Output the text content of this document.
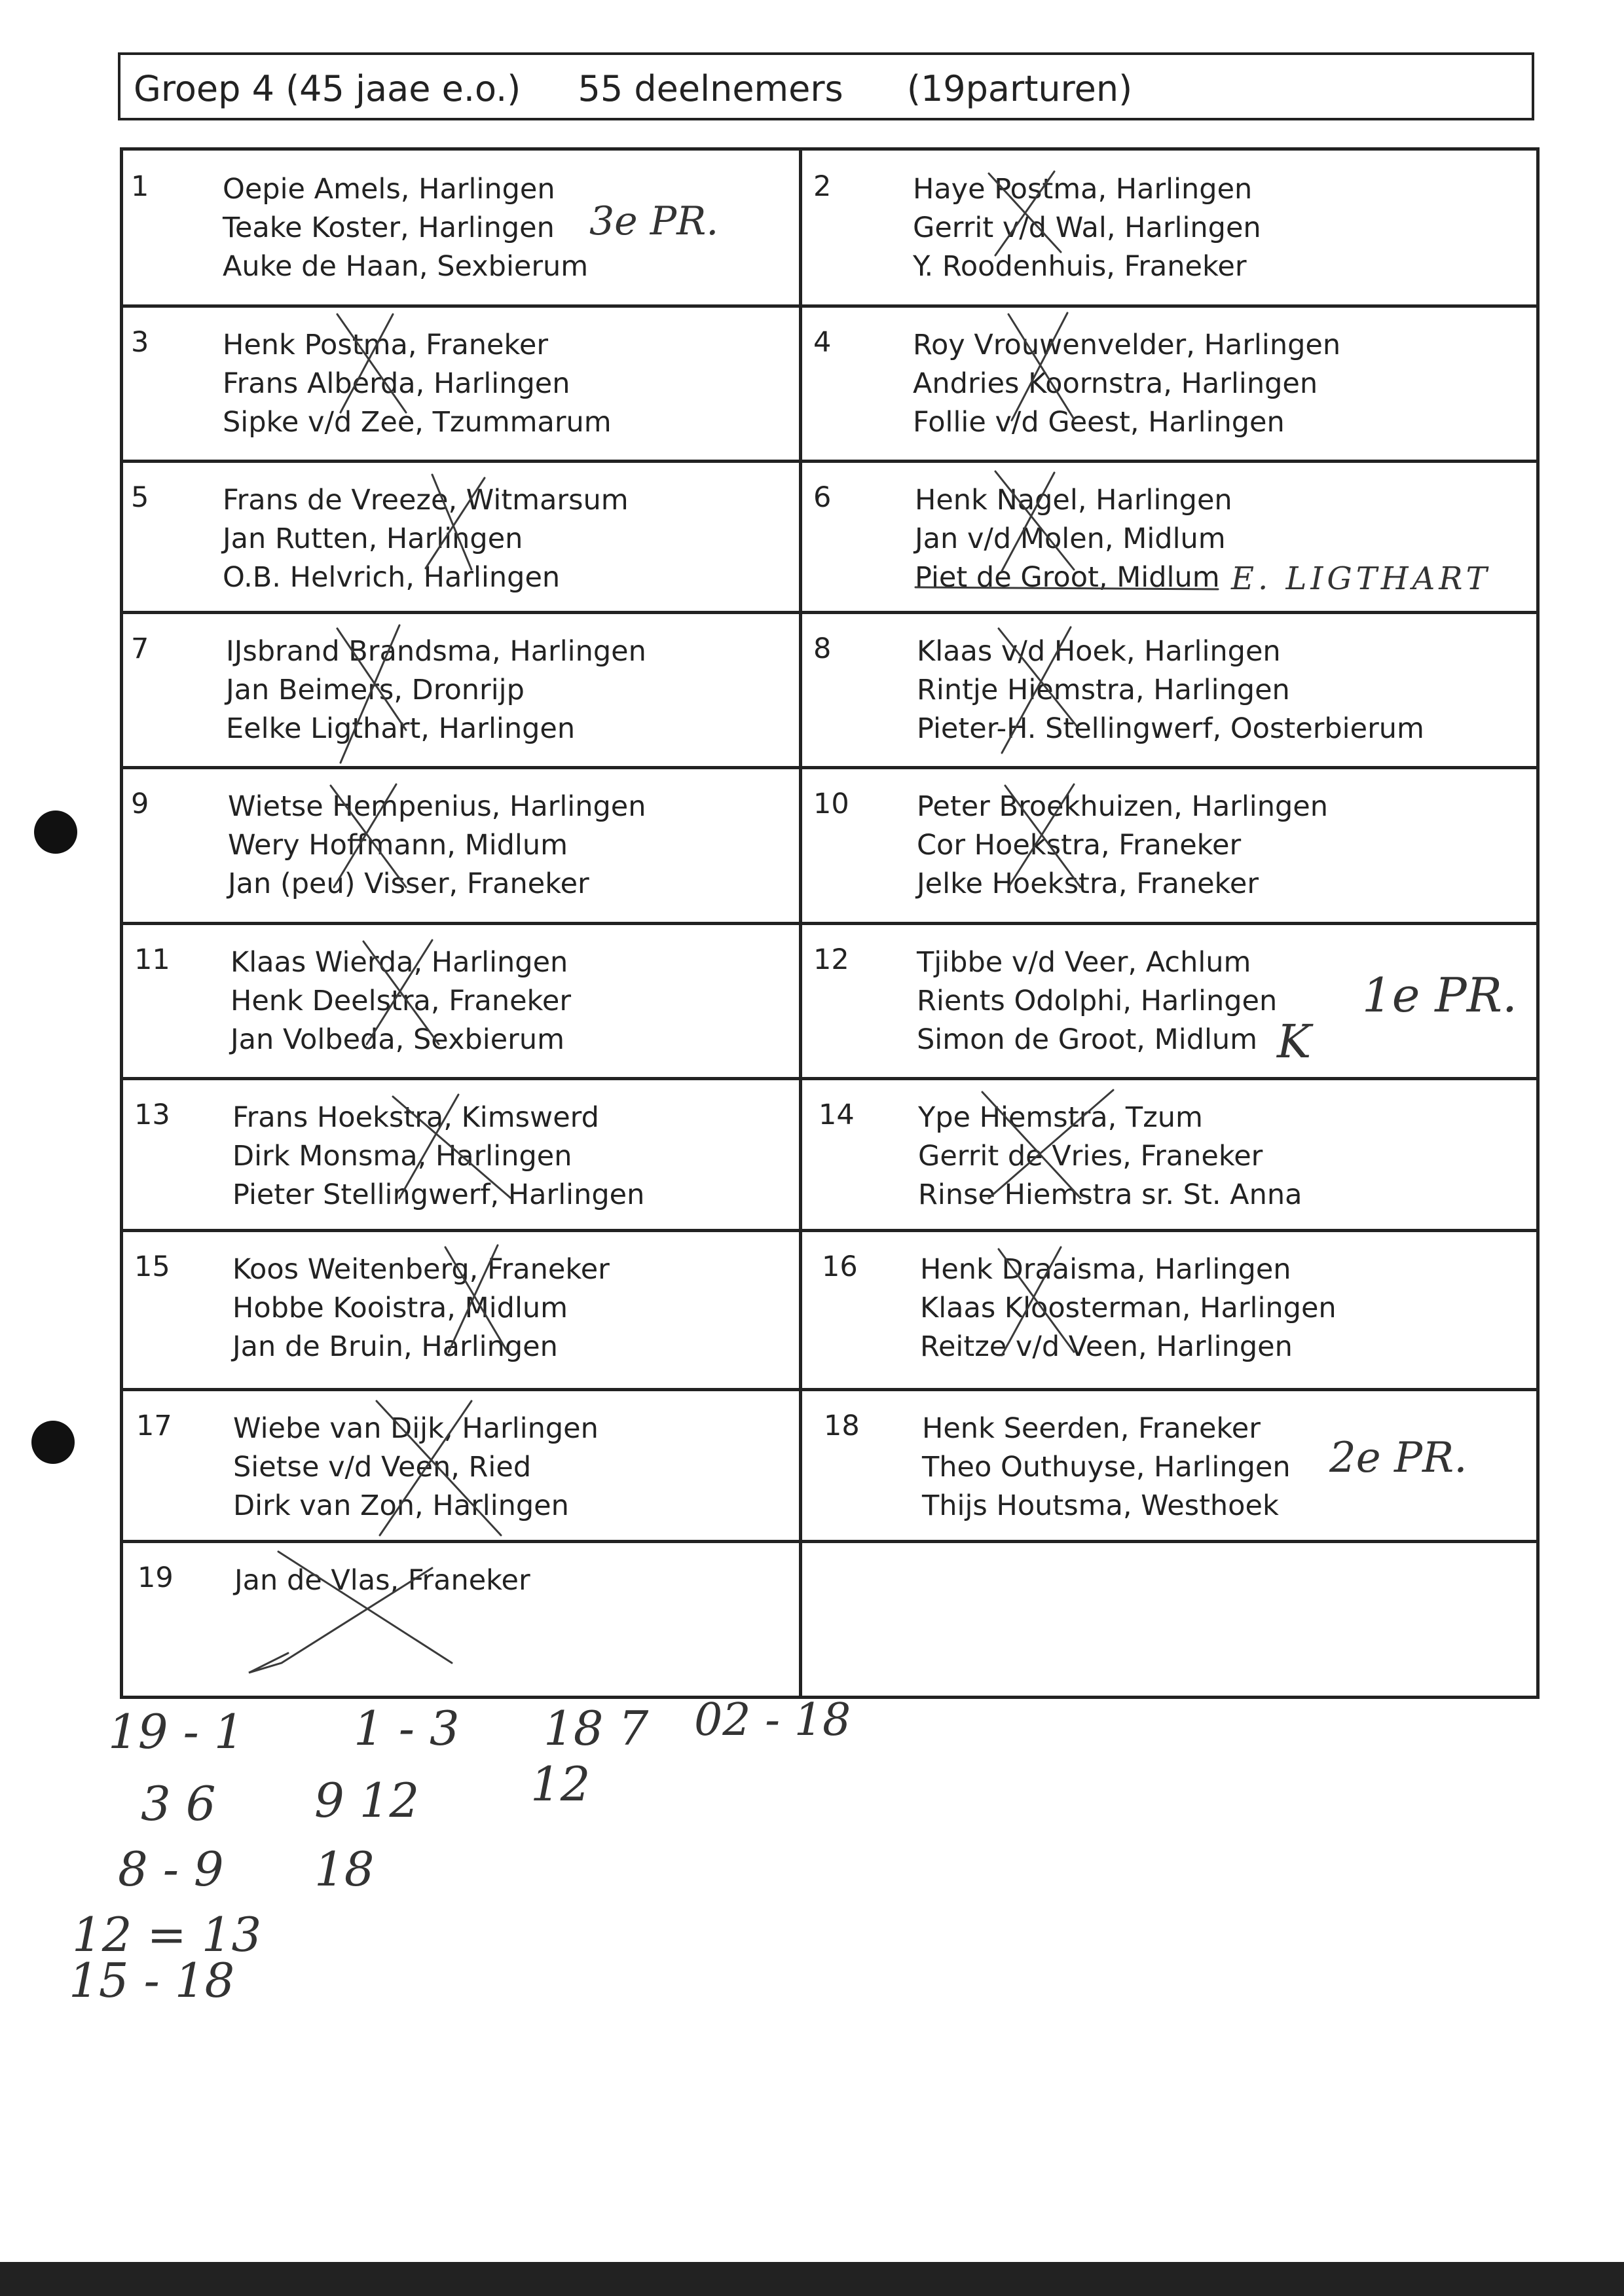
Groep 4 (45 jaae e.o.) 55 deelnemers (19parturen)
1	Oepie Amels, Harlingen
Teake Koster, Harlingen
Auke de Haan, Sexbierum
2	Haye Postma, Harlingen
Gerrit v/d Wal, Harlingen
Y. Roodenhuis, Franeker
3	Henk Postma, Franeker
Frans Alberda, Harlingen
Sipke v/d Zee, Tzummarum
4	Roy Vrouwenvelder, Harlingen
Andries Koornstra, Harlingen
Follie v/d Geest, Harlingen
5	Frans de Vreeze, Witmarsum
Jan Rutten, Harlingen
O.B. Helvrich, Harlingen
6	Henk Nagel, Harlingen
Jan v/d Molen, Midlum
Piet de Groot, Midlum
7	IJsbrand Brandsma, Harlingen
Jan Beimers, Dronrijp
Eelke Ligthart, Harlingen
8	Klaas v/d Hoek, Harlingen
Rintje Hiemstra, Harlingen
Pieter-H. Stellingwerf, Oosterbierum
9	Wietse Hempenius, Harlingen
Wery Hoffmann, Midlum
Jan (peu) Visser, Franeker
10 Peter Broekhuizen, Harlingen
Cor Hoekstra, Franeker
Jelke Hoekstra, Franeker
11 Klaas Wierda, Harlingen
Henk Deelstra, Franeker
Jan Volbeda, Sexbierum
12 Tjibbe v/d Veer, Achlum
Rients Odolphi, Harlingen
Simon de Groot, Midlum
13 Frans Hoekstra, Kimswerd
Dirk Monsma, Harlingen
Pieter Stellingwerf, Harlingen
14 Ype Hiemstra, Tzum
Gerrit de Vries, Franeker
Rinse Hiemstra sr. St. Anna
15 Koos Weitenberg, Franeker
Hobbe Kooistra, Midlum
Jan de Bruin, Harlingen
16 Henk Draaisma, Harlingen
Klaas Kloosterman, Harlingen
Reitze v/d Veen, Harlingen
17 Wiebe van Dijk, Harlingen
Sietse v/d Veen, Ried
Dirk van Zon, Harlingen
18 Henk Seerden, Franeker
Theo Outhuyse, Harlingen
Thijs Houtsma, Westhoek
19 Jan de Vlas, Franeker
3e PR.
1e PR.
2e PR.
E. LIGTHART
K
19 - 1
3 6
8 - 9
12 = 13
15 - 18
1 - 3
9 12
18
18 7
12
02 - 18
